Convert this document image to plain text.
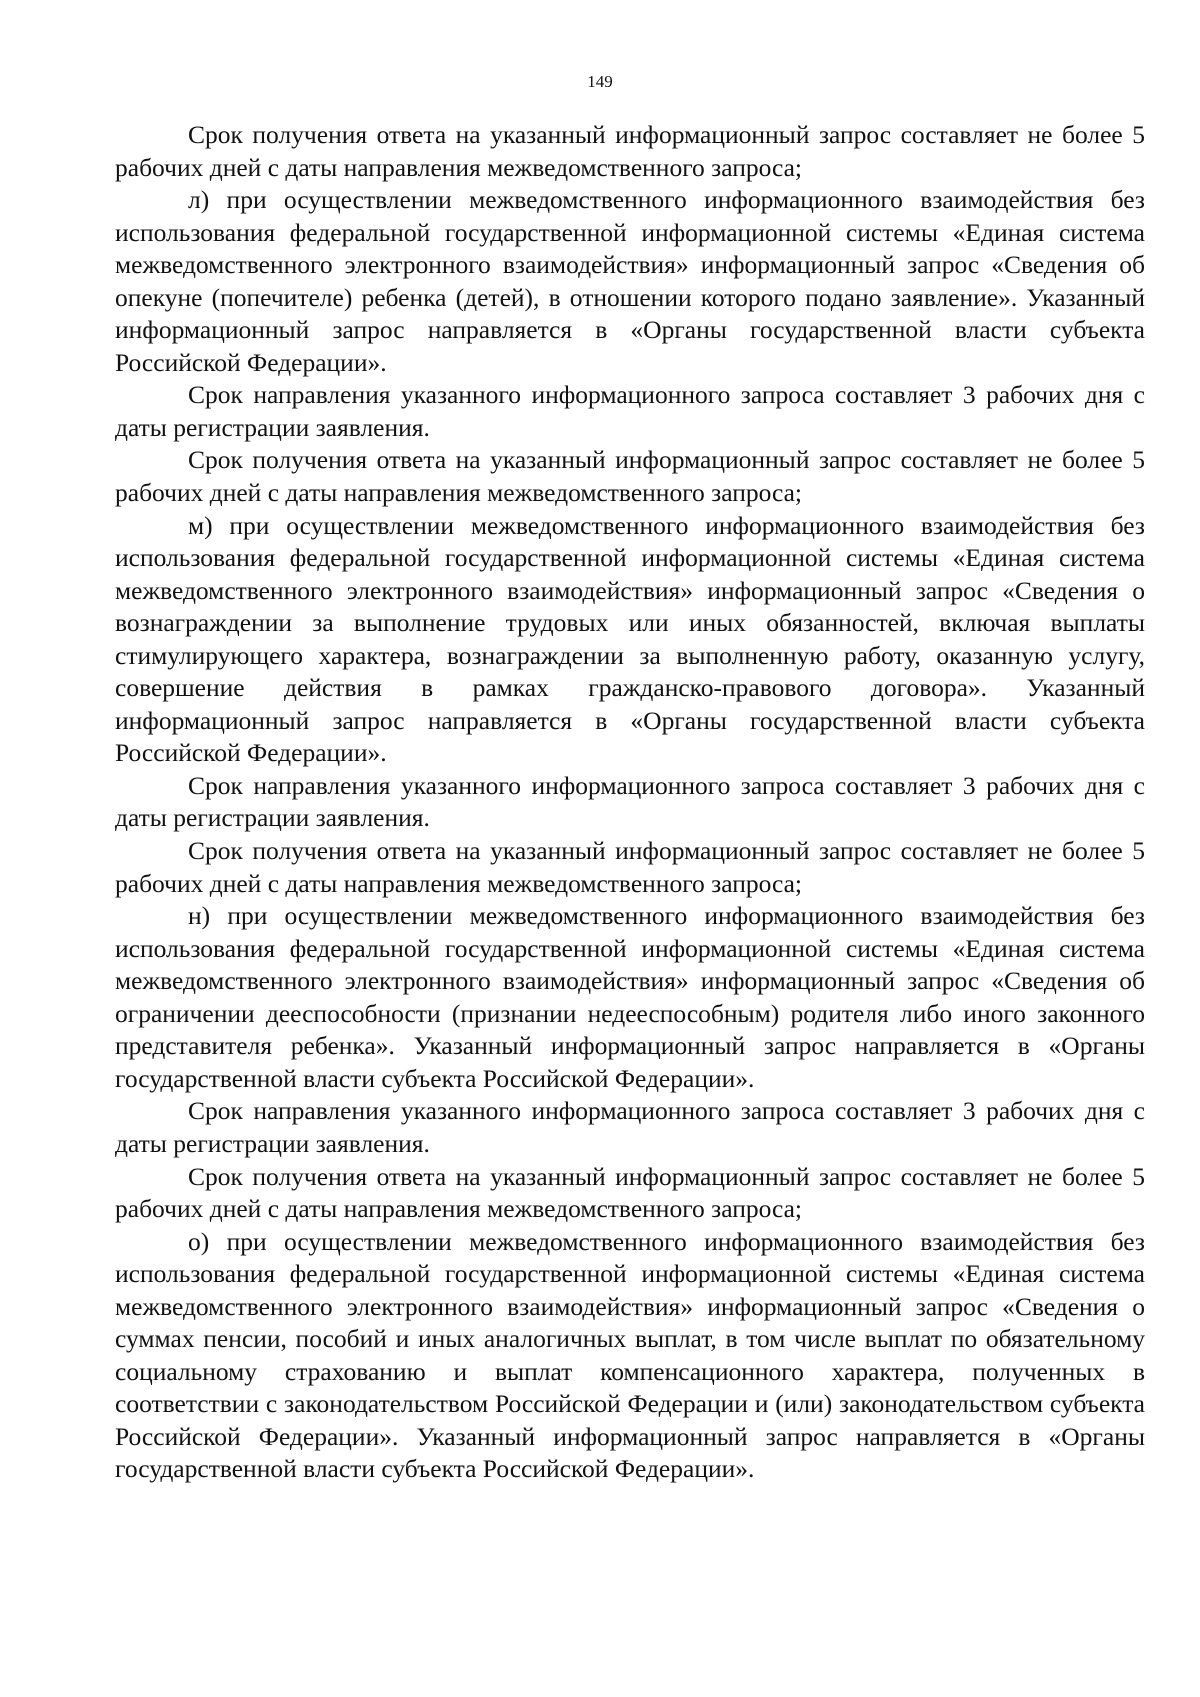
149

Срок получения ответа на указанный информационный запрос составляет не более 5 рабочих дней с даты направления межведомственного запроса;

л) при осуществлении межведомственного информационного взаимодействия без использования федеральной государственной информационной системы «Единая система межведомственного электронного взаимодействия» информационный запрос «Сведения об опекуне (попечителе) ребенка (детей), в отношении которого подано заявление». Указанный информационный запрос направляется в «Органы государственной власти субъекта Российской Федерации».

Срок направления указанного информационного запроса составляет 3 рабочих дня с даты регистрации заявления.

Срок получения ответа на указанный информационный запрос составляет не более 5 рабочих дней с даты направления межведомственного запроса;

м) при осуществлении межведомственного информационного взаимодействия без использования федеральной государственной информационной системы «Единая система межведомственного электронного взаимодействия» информационный запрос «Сведения о вознаграждении за выполнение трудовых или иных обязанностей, включая выплаты стимулирующего характера, вознаграждении за выполненную работу, оказанную услугу, совершение действия в рамках гражданско-правового договора». Указанный информационный запрос направляется в «Органы государственной власти субъекта Российской Федерации».

Срок направления указанного информационного запроса составляет 3 рабочих дня с даты регистрации заявления.

Срок получения ответа на указанный информационный запрос составляет не более 5 рабочих дней с даты направления межведомственного запроса;

н) при осуществлении межведомственного информационного взаимодействия без использования федеральной государственной информационной системы «Единая система межведомственного электронного взаимодействия» информационный запрос «Сведения об ограничении дееспособности (признании недееспособным) родителя либо иного законного представителя ребенка». Указанный информационный запрос направляется в «Органы государственной власти субъекта Российской Федерации».

Срок направления указанного информационного запроса составляет 3 рабочих дня с даты регистрации заявления.

Срок получения ответа на указанный информационный запрос составляет не более 5 рабочих дней с даты направления межведомственного запроса;

о) при осуществлении межведомственного информационного взаимодействия без использования федеральной государственной информационной системы «Единая система межведомственного электронного взаимодействия» информационный запрос «Сведения о суммах пенсии, пособий и иных аналогичных выплат, в том числе выплат по обязательному социальному страхованию и выплат компенсационного характера, полученных в соответствии с законодательством Российской Федерации и (или) законодательством субъекта Российской Федерации». Указанный информационный запрос направляется в «Органы государственной власти субъекта Российской Федерации».
